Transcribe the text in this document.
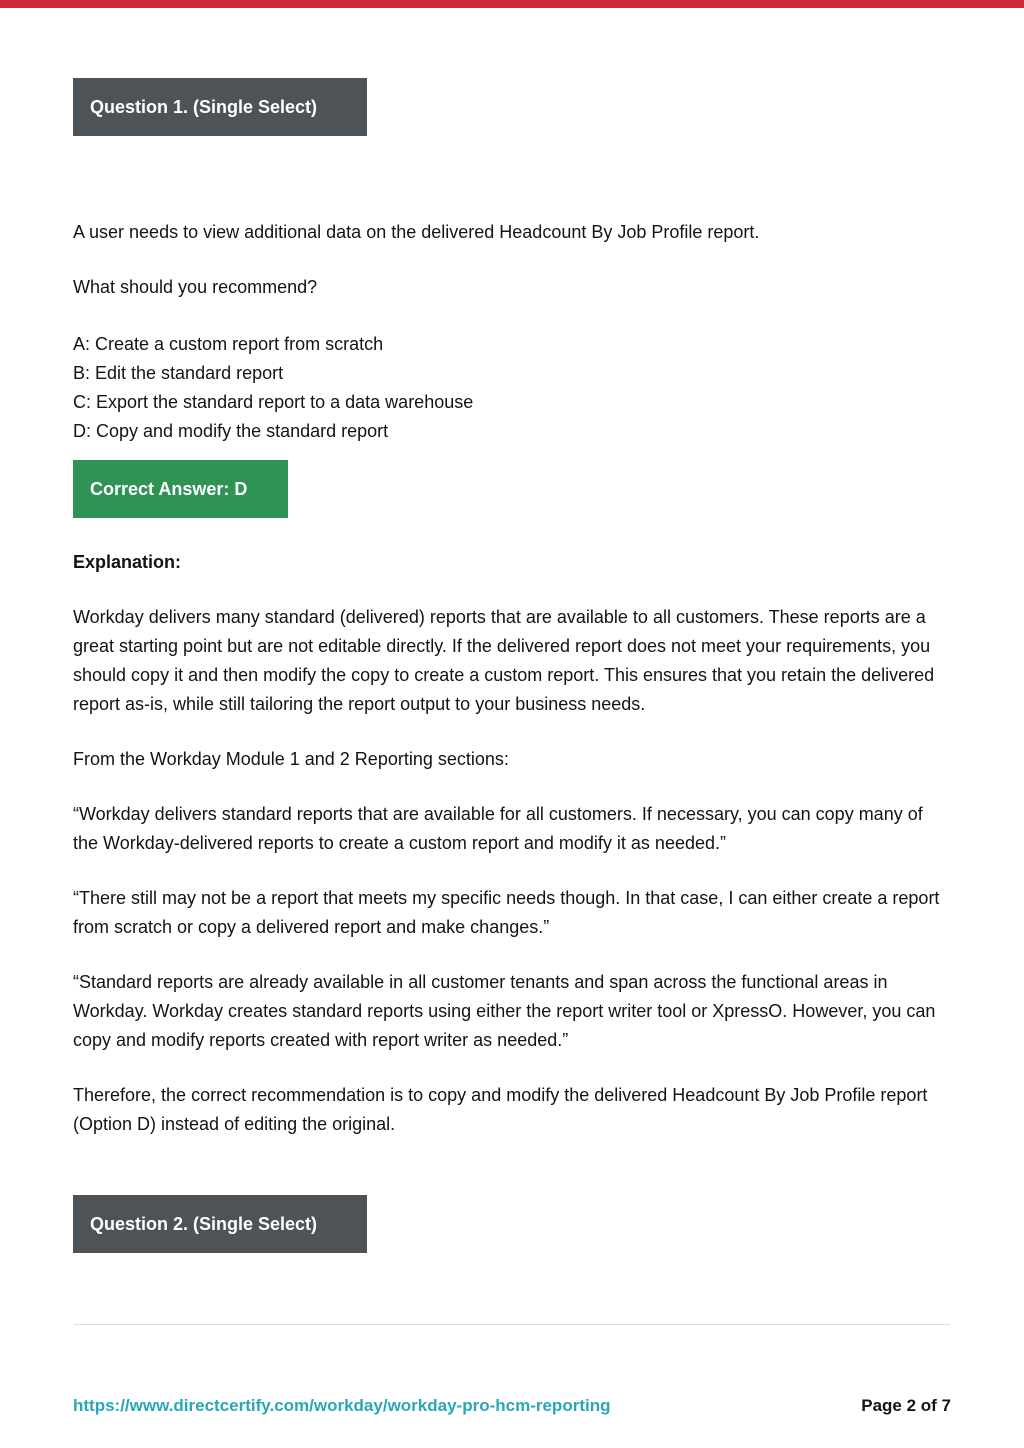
Question 1. (Single Select)

A user needs to view additional data on the delivered Headcount By Job Profile report.

What should you recommend?

A: Create a custom report from scratch
B: Edit the standard report
C: Export the standard report to a data warehouse
D: Copy and modify the standard report
Correct Answer: D

Explanation:

Workday delivers many standard (delivered) reports that are available to all customers. These reports are a great starting point but are not editable directly. If the delivered report does not meet your requirements, you should copy it and then modify the copy to create a custom report. This ensures that you retain the delivered report as-is, while still tailoring the report output to your business needs.

From the Workday Module 1 and 2 Reporting sections:

“Workday delivers standard reports that are available for all customers. If necessary, you can copy many of the Workday-delivered reports to create a custom report and modify it as needed.”

“There still may not be a report that meets my specific needs though. In that case, I can either create a report from scratch or copy a delivered report and make changes.”

“Standard reports are already available in all customer tenants and span across the functional areas in Workday. Workday creates standard reports using either the report writer tool or XpressO. However, you can copy and modify reports created with report writer as needed.”

Therefore, the correct recommendation is to copy and modify the delivered Headcount By Job Profile report (Option D) instead of editing the original.

Question 2. (Single Select)
https://www.directcertify.com/workday/workday-pro-hcm-reporting	Page 2 of 7
